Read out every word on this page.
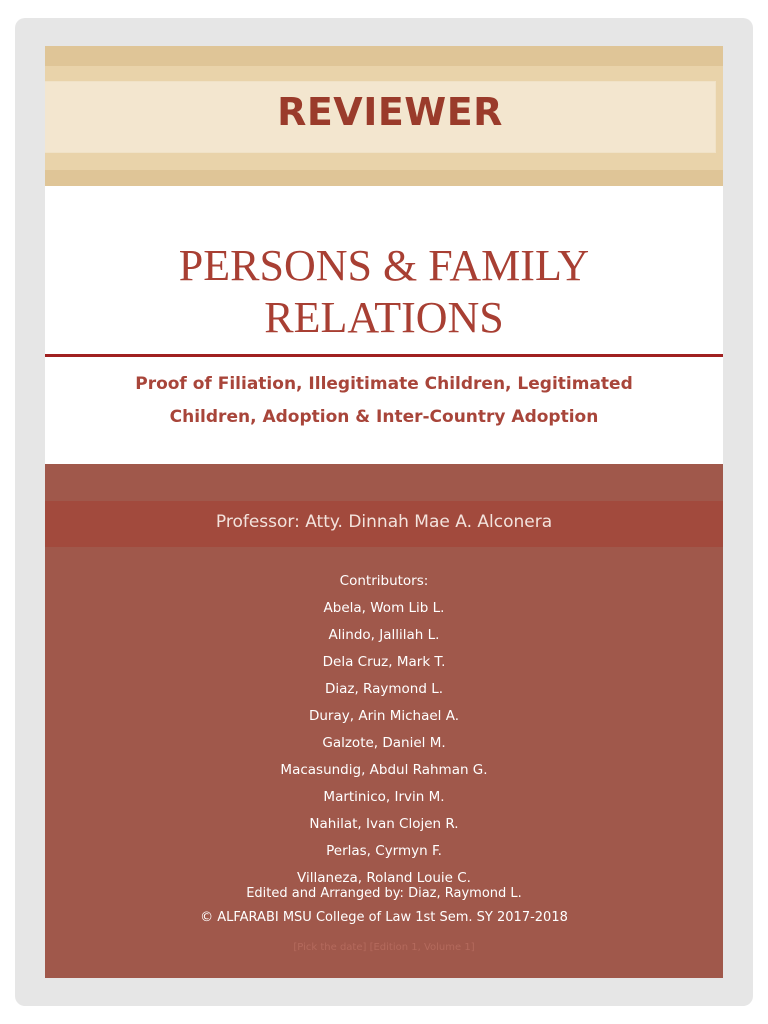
REVIEWER
PERSONS & FAMILY
RELATIONS
Proof of Filiation, Illegitimate Children, Legitimated
Children, Adoption & Inter-Country Adoption
Professor: Atty. Dinnah Mae A. Alconera
Contributors:
Abela, Wom Lib L.
Alindo, Jallilah L.
Dela Cruz, Mark T.
Diaz, Raymond L.
Duray, Arin Michael A.
Galzote, Daniel M.
Macasundig, Abdul Rahman G.
Martinico, Irvin M.
Nahilat, Ivan Clojen R.
Perlas, Cyrmyn F.
Villaneza, Roland Louie C.
Edited and Arranged by: Diaz, Raymond L.
© ALFARABI MSU College of Law 1st Sem. SY 2017-2018
[Pick the date] [Edition 1, Volume 1]
